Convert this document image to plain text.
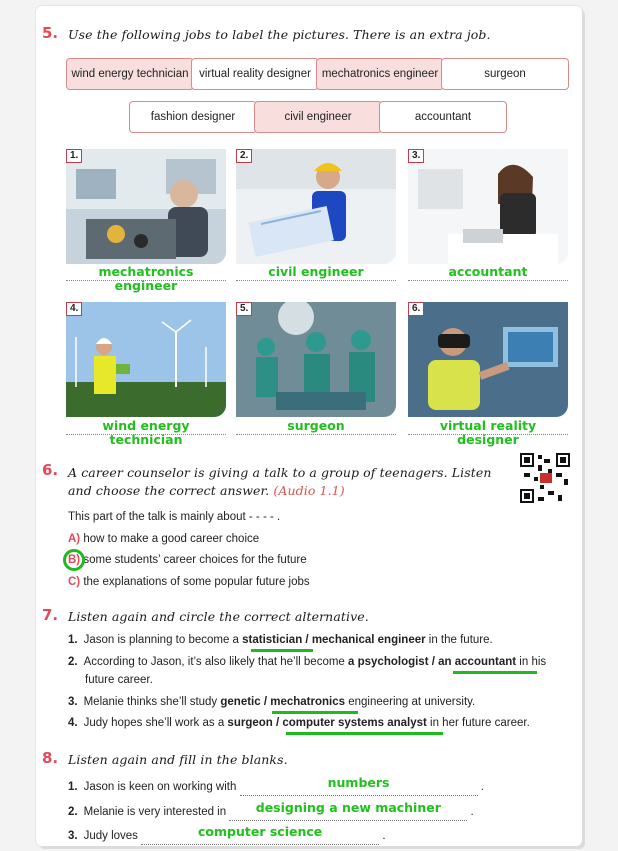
5. Use the following jobs to label the pictures. There is an extra job.
wind energy technician virtual reality designer mechatronics engineer	surgeon
fashion designer	civil engineer	accountant
1.
mechatronics engineer
2.
civil engineer
3.
accountant
4.
wind energy technician
5.
surgeon
6.
virtual reality designer
6. A career counselor is giving a talk to a group of teenagers. Listen and choose the correct answer. (Audio 1.1)
This part of the talk is mainly about - - - - .
A) how to make a good career choice
B) some students’ career choices for the future
C) the explanations of some popular future jobs
7. Listen again and circle the correct alternative.
1. Jason is planning to become a statistician / mechanical engineer in the future.
2. According to Jason, it’s also likely that he’ll become a psychologist / an accountant in his
future career.
3. Melanie thinks she’ll study genetic / mechatronics engineering at university.
4. Judy hopes she’ll work as a surgeon / computer systems analyst in her future career.
8. Listen again and fill in the blanks.
1. Jason is keen on working with	numbers	.
2. Melanie is very interested in	designing a new machiner	.
3. Judy loves	computer science	.
